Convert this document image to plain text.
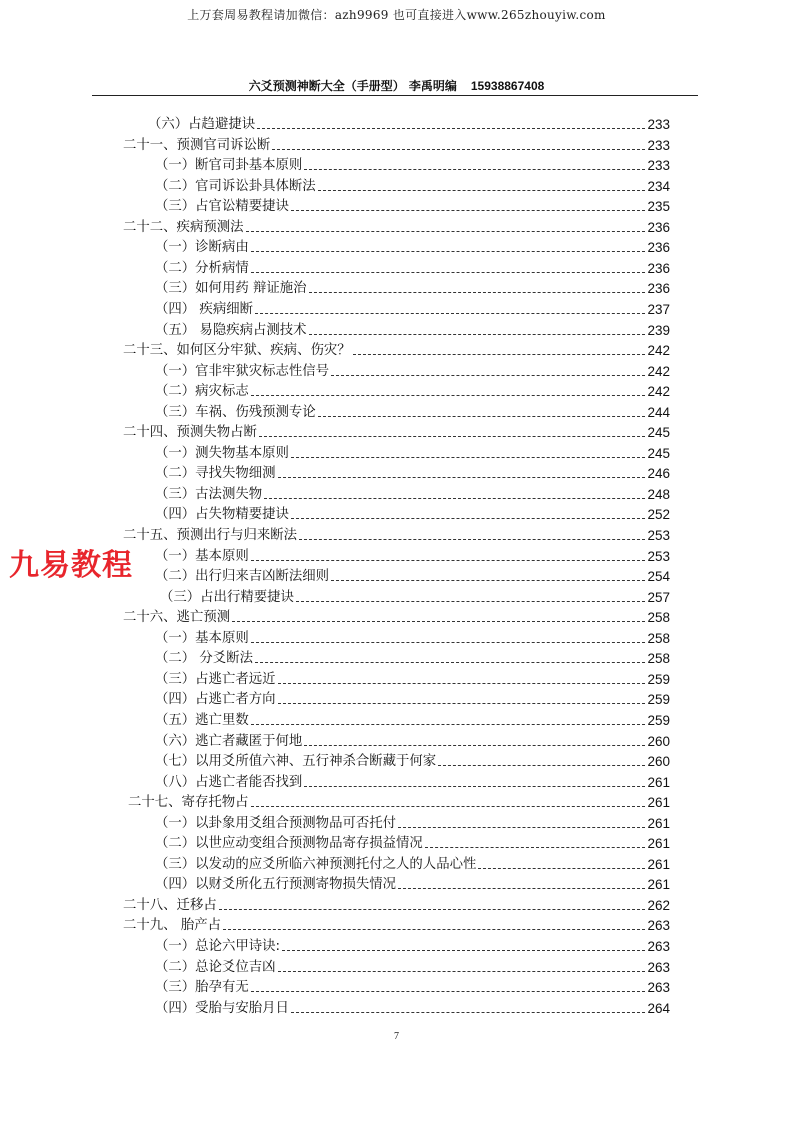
上万套周易教程请加微信：azh9969 也可直接进入www.265zhouyiw.com
六爻预测神断大全（手册型） 李禹明编 15938867408
（六）占趋避捷诀	233
二十一、预测官司诉讼断	233
（一）断官司卦基本原则	233
（二）官司诉讼卦具体断法	234
（三）占官讼精要捷诀	235
二十二、疾病预测法	236
（一）诊断病由	236
（二）分析病情	236
（三）如何用药 辩证施治	236
（四） 疾病细断	237
（五） 易隐疾病占测技术	239
二十三、如何区分牢狱、疾病、伤灾？	242
（一）官非牢狱灾标志性信号	242
（二）病灾标志	242
（三）车祸、伤残预测专论	244
二十四、预测失物占断	245
（一）测失物基本原则	245
（二）寻找失物细测	246
（三）古法测失物	248
（四）占失物精要捷诀	252
二十五、预测出行与归来断法	253
（一）基本原则	253
（二）出行归来吉凶断法细则	254
（三）占出行精要捷诀	257
二十六、逃亡预测	258
（一）基本原则	258
（二） 分爻断法	258
（三）占逃亡者远近	259
（四）占逃亡者方向	259
（五）逃亡里数	259
（六）逃亡者藏匿于何地	260
（七）以用爻所值六神、五行神杀合断藏于何家	260
（八）占逃亡者能否找到	261
二十七、寄存托物占	261
（一）以卦象用爻组合预测物品可否托付	261
（二）以世应动变组合预测物品寄存损益情况	261
（三）以发动的应爻所临六神预测托付之人的人品心性	261
（四）以财爻所化五行预测寄物损失情况	261
二十八、迁移占	262
二十九、 胎产占	263
（一）总论六甲诗诀:	263
（二）总论爻位吉凶	263
（三）胎孕有无	263
（四）受胎与安胎月日	264
九易教程
7
